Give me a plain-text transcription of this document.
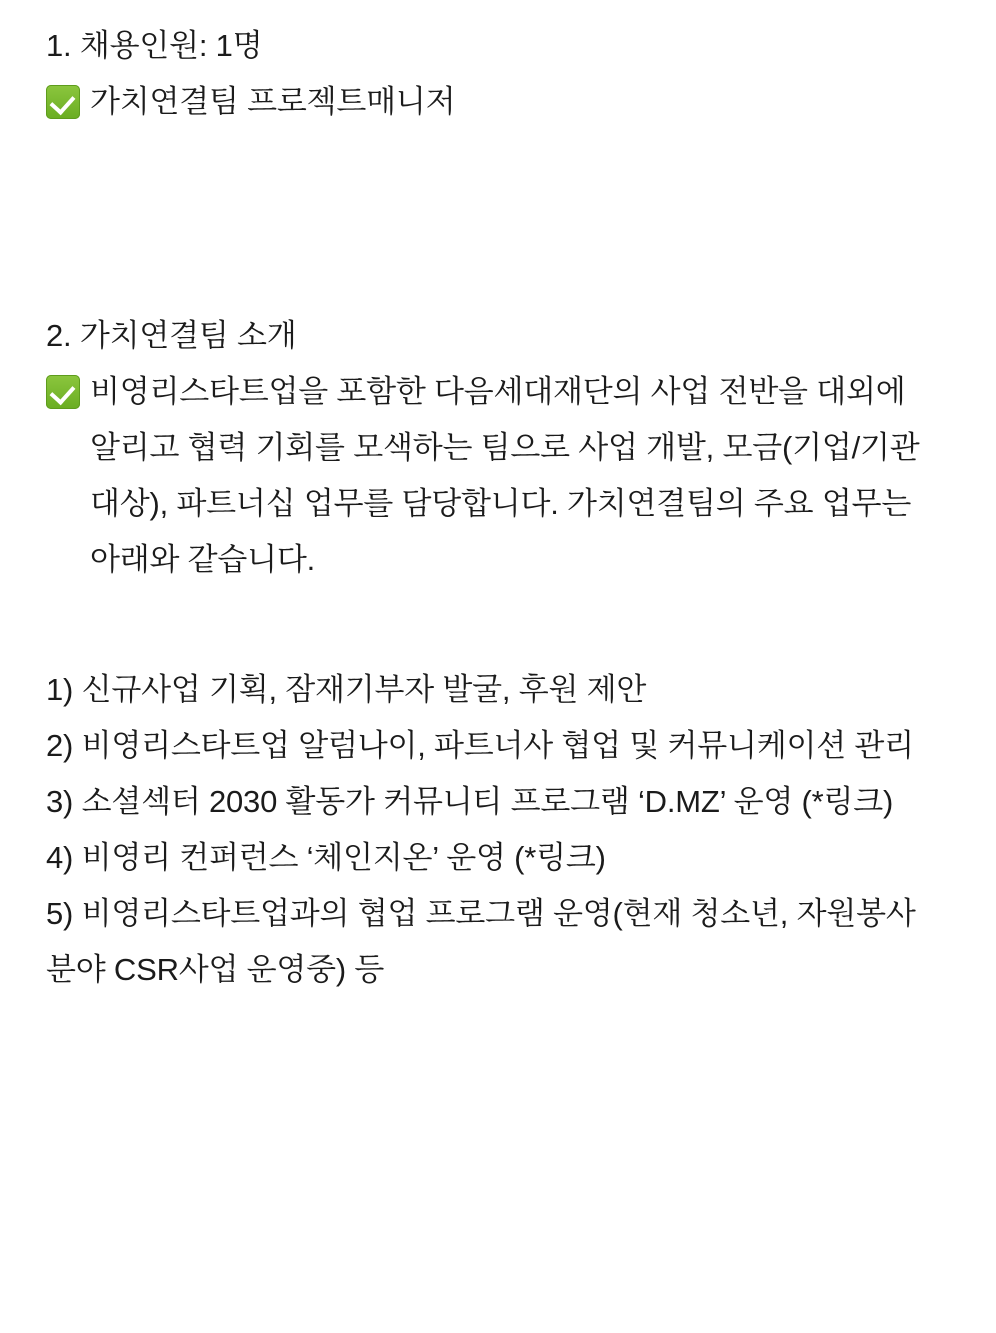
1. 채용인원: 1명
가치연결팀 프로젝트매니저
2. 가치연결팀 소개
비영리스타트업을 포함한 다음세대재단의 사업 전반을 대외에 알리고 협력 기회를 모색하는 팀으로 사업 개발, 모금(기업/기관 대상), 파트너십 업무를 담당합니다. 가치연결팀의 주요 업무는 아래와 같습니다.
1) 신규사업 기획, 잠재기부자 발굴, 후원 제안
2) 비영리스타트업 알럼나이, 파트너사 협업 및 커뮤니케이션 관리
3) 소셜섹터 2030 활동가 커뮤니티 프로그램 ‘D.MZ’ 운영 (*링크)
4) 비영리 컨퍼런스 ‘체인지온’ 운영 (*링크)
5) 비영리스타트업과의 협업 프로그램 운영(현재 청소년, 자원봉사 분야 CSR사업 운영중) 등
